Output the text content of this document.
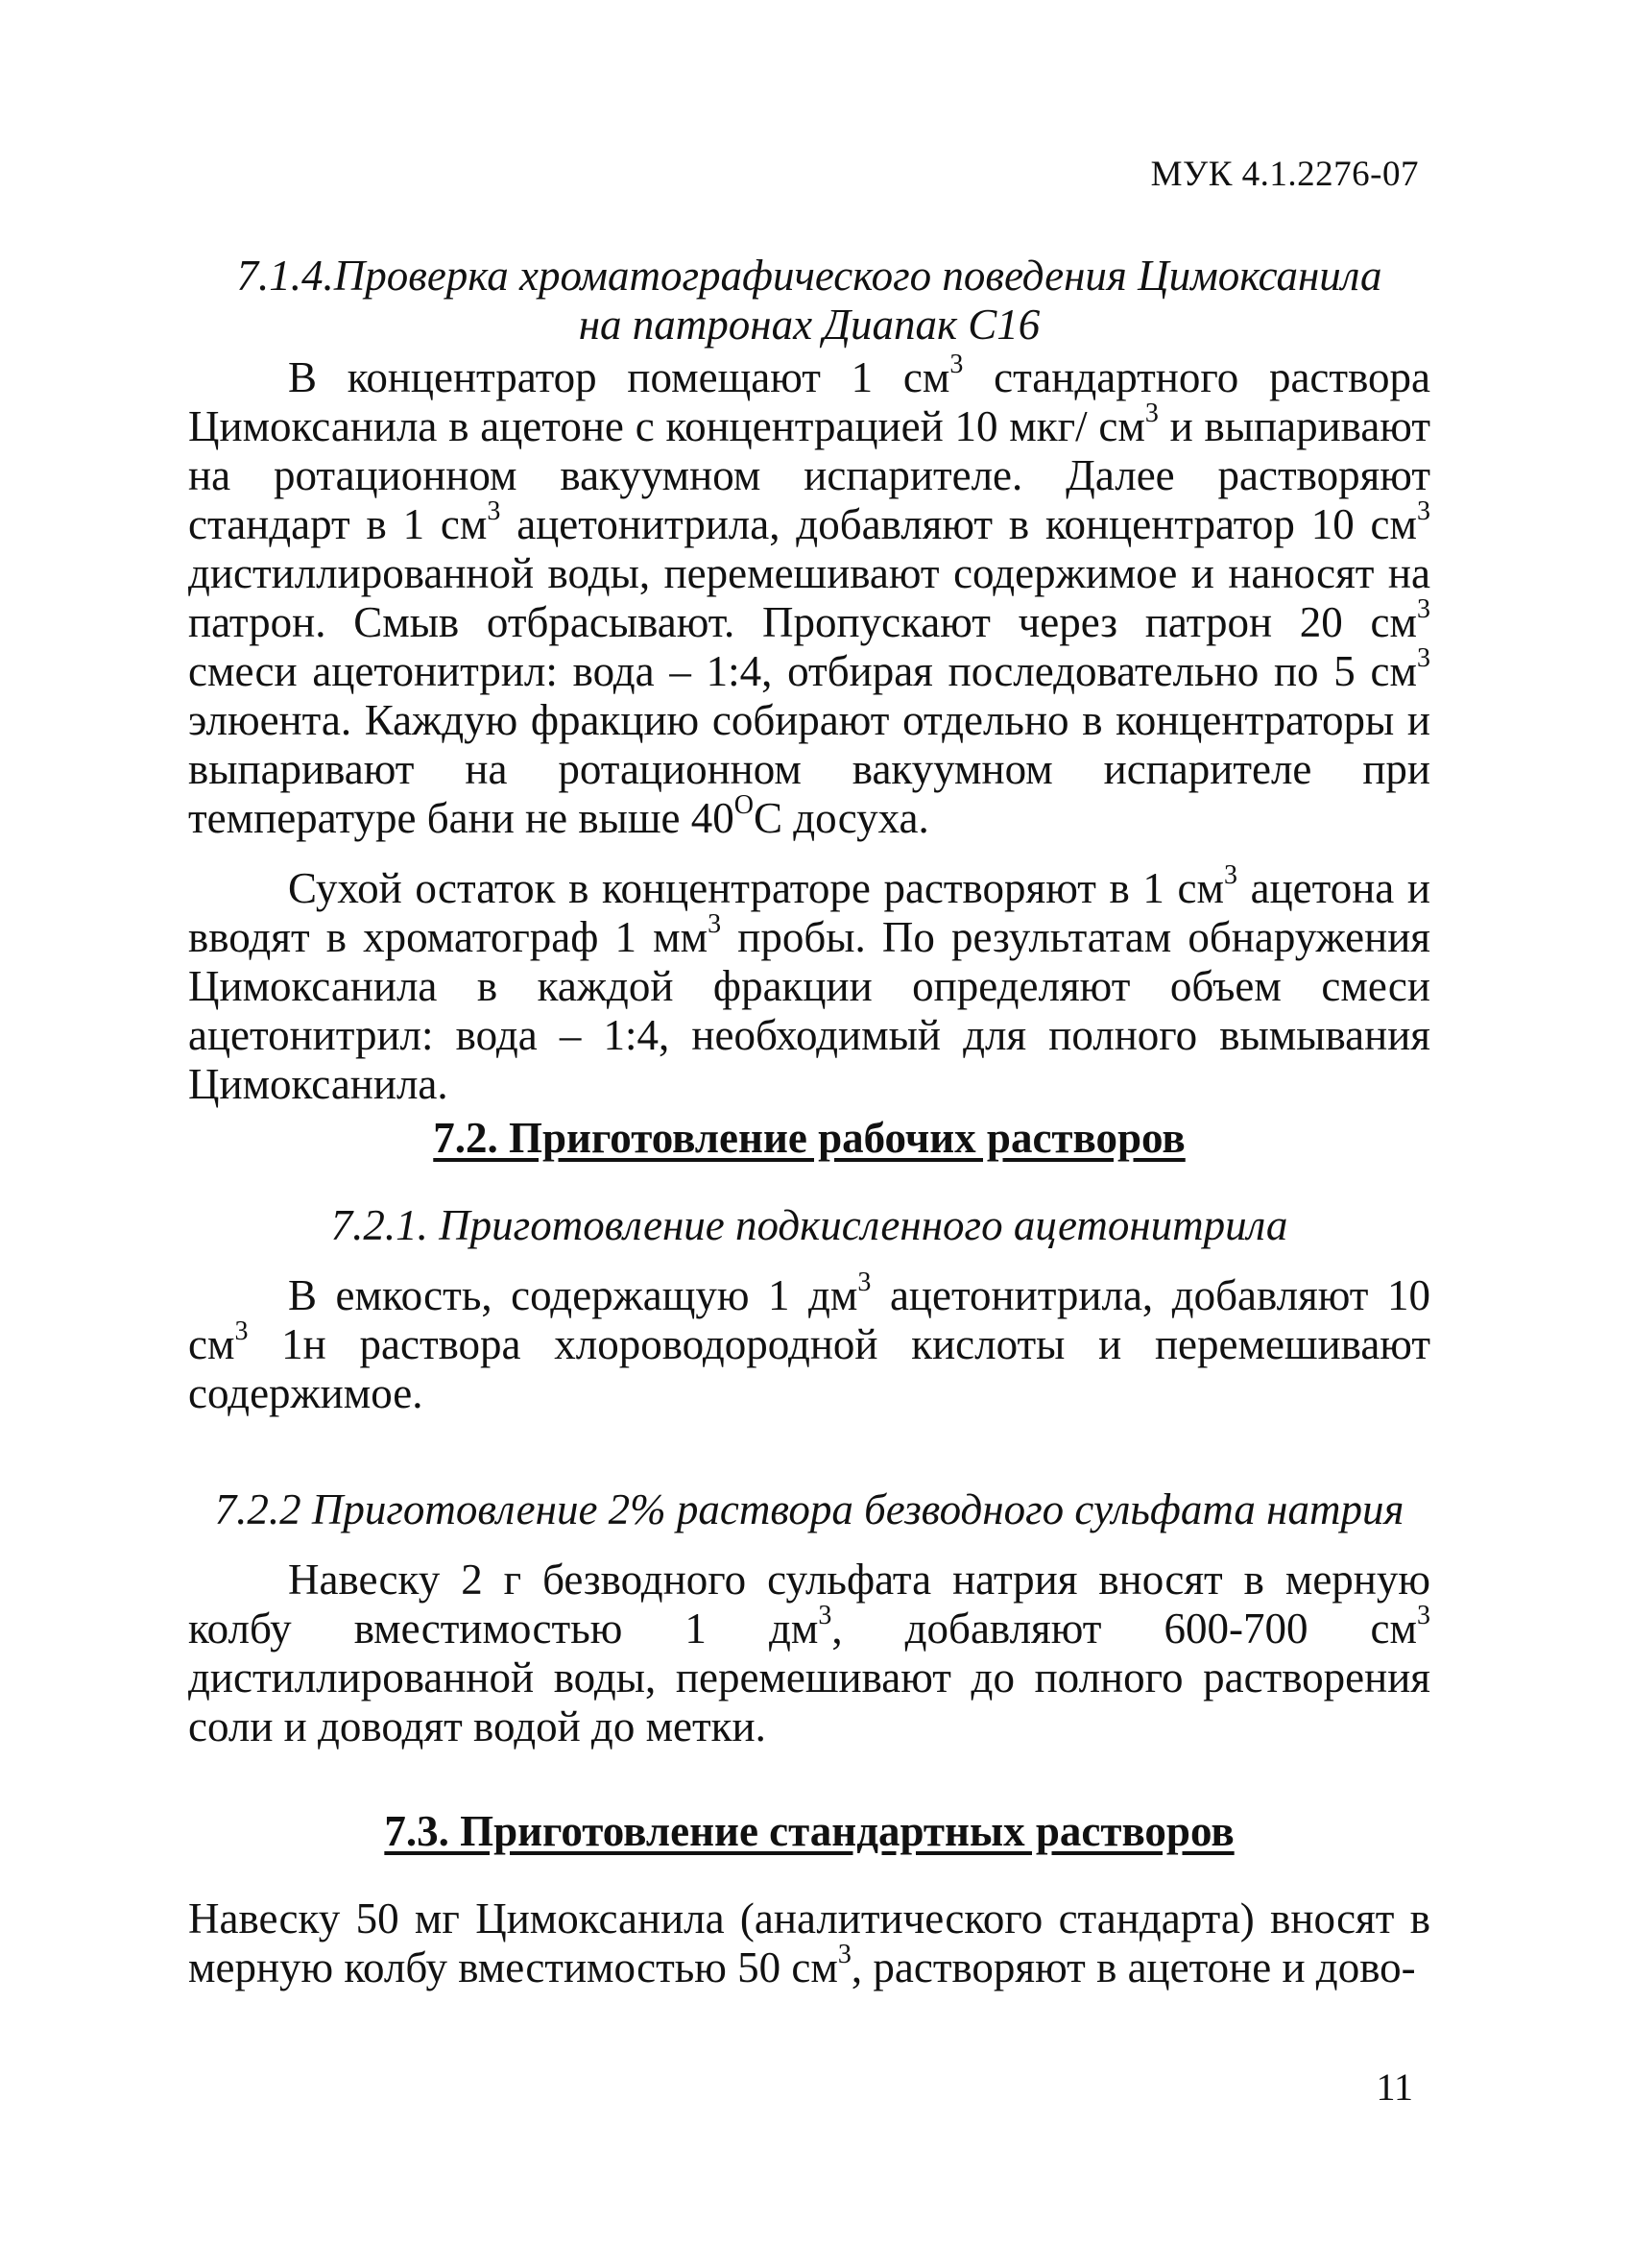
МУК 4.1.2276-07
7.1.4.Проверка хроматографического поведения Цимоксанила
на патронах Диапак С16

В концентратор помещают 1 $см^3$ стандартного раствора Цимоксанила в ацетоне с концентрацией 10 мкг/ $см^3$ и выпаривают на ротационном вакуумном испарителе. Далее растворяют стандарт в 1 $см^3$ ацетонитрила, добавляют в концентратор 10 $см^3$ дистиллированной воды, перемешивают содержимое и наносят на патрон. Смыв отбрасывают. Пропускают через патрон 20 $см^3$ смеси ацетонитрил: вода – 1:4, отбирая последовательно по 5 $см^3$ элюента. Каждую фракцию собирают отдельно в концентраторы и выпаривают на ротационном вакуумном испарителе при температуре бани не выше $40^OС$ досуха.

Сухой остаток в концентраторе растворяют в 1 $см^3$ ацетона и вводят в хроматограф 1 $мм^3$ пробы. По результатам обнаружения Цимоксанила в каждой фракции определяют объем смеси ацетонитрил: вода – 1:4, необходимый для полного вымывания Цимоксанила.

7.2. Приготовление рабочих растворов
7.2.1. Приготовление подкисленного ацетонитрила

В емкость, содержащую 1 $дм^3$ ацетонитрила, добавляют 10 $см^3$ 1н раствора хлороводородной кислоты и перемешивают содержимое.

7.2.2 Приготовление 2% раствора безводного сульфата натрия

Навеску 2 г безводного сульфата натрия вносят в мерную колбу вместимостью 1 $дм^3$, добавляют 600-700 $см^3$ дистиллированной воды, перемешивают до полного растворения соли и доводят водой до метки.

7.3. Приготовление стандартных растворов

Навеску 50 мг Цимоксанила (аналитического стандарта) вносят в мерную колбу вместимостью 50 $см^3$, растворяют в ацетоне и дово-

11
